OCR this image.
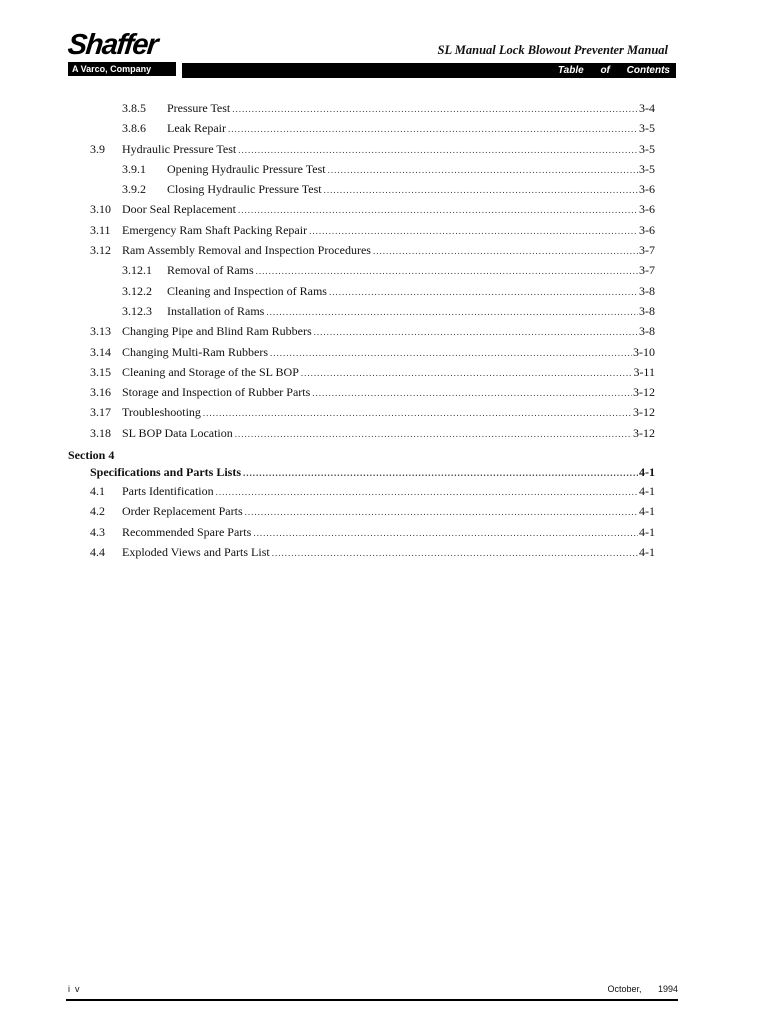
Shaffer
A Varco, Company
SL Manual Lock Blowout Preventer Manual
Table of Contents
3.8.5 Pressure Test .....	3-4
3.8.6 Leak Repair .....	3-5
3.9 Hydraulic Pressure Test .....	3-5
3.9.1 Opening Hydraulic Pressure Test .....	3-5
3.9.2 Closing Hydraulic Pressure Test .....	3-6
3.10 Door Seal Replacement .....	3-6
3.11 Emergency Ram Shaft Packing Repair .....	3-6
3.12 Ram Assembly Removal and Inspection Procedures .....	3-7
3.12.1 Removal of Rams .....	3-7
3.12.2 Cleaning and Inspection of Rams .....	3-8
3.12.3 Installation of Rams .....	3-8
3.13 Changing Pipe and Blind Ram Rubbers .....	3-8
3.14 Changing Multi-Ram Rubbers .....	3-10
3.15 Cleaning and Storage of the SL BOP .....	3-11
3.16 Storage and Inspection of Rubber Parts .....	3-12
3.17 Troubleshooting .....	3-12
3.18 SL BOP Data Location .....	3-12
Section 4
Specifications and Parts Lists .....	4-1
4.1 Parts Identification .....	4-1
4.2 Order Replacement Parts .....	4-1
4.3 Recommended Spare Parts .....	4-1
4.4 Exploded Views and Parts List .....	4-1
iv	October, 1994
